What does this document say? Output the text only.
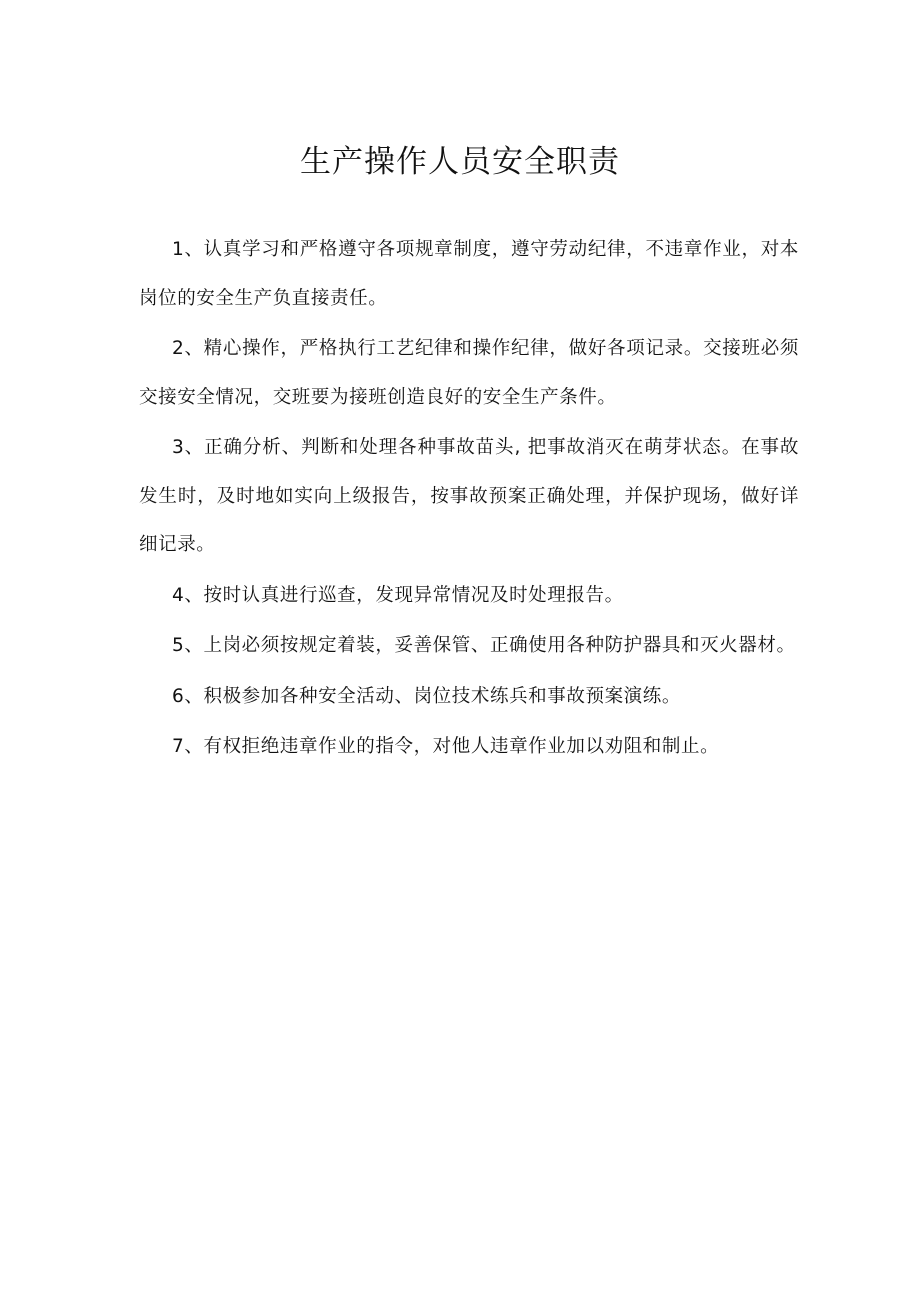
生产操作人员安全职责

1、认真学习和严格遵守各项规章制度，遵守劳动纪律，不违章作业，对本岗位的安全生产负直接责任。

2、精心操作，严格执行工艺纪律和操作纪律，做好各项记录。交接班必须交接安全情况，交班要为接班创造良好的安全生产条件。

3、正确分析、判断和处理各种事故苗头, 把事故消灭在萌芽状态。在事故发生时，及时地如实向上级报告，按事故预案正确处理，并保护现场，做好详细记录。

4、按时认真进行巡查，发现异常情况及时处理报告。

5、上岗必须按规定着装，妥善保管、正确使用各种防护器具和灭火器材。

6、积极参加各种安全活动、岗位技术练兵和事故预案演练。

7、有权拒绝违章作业的指令，对他人违章作业加以劝阻和制止。
